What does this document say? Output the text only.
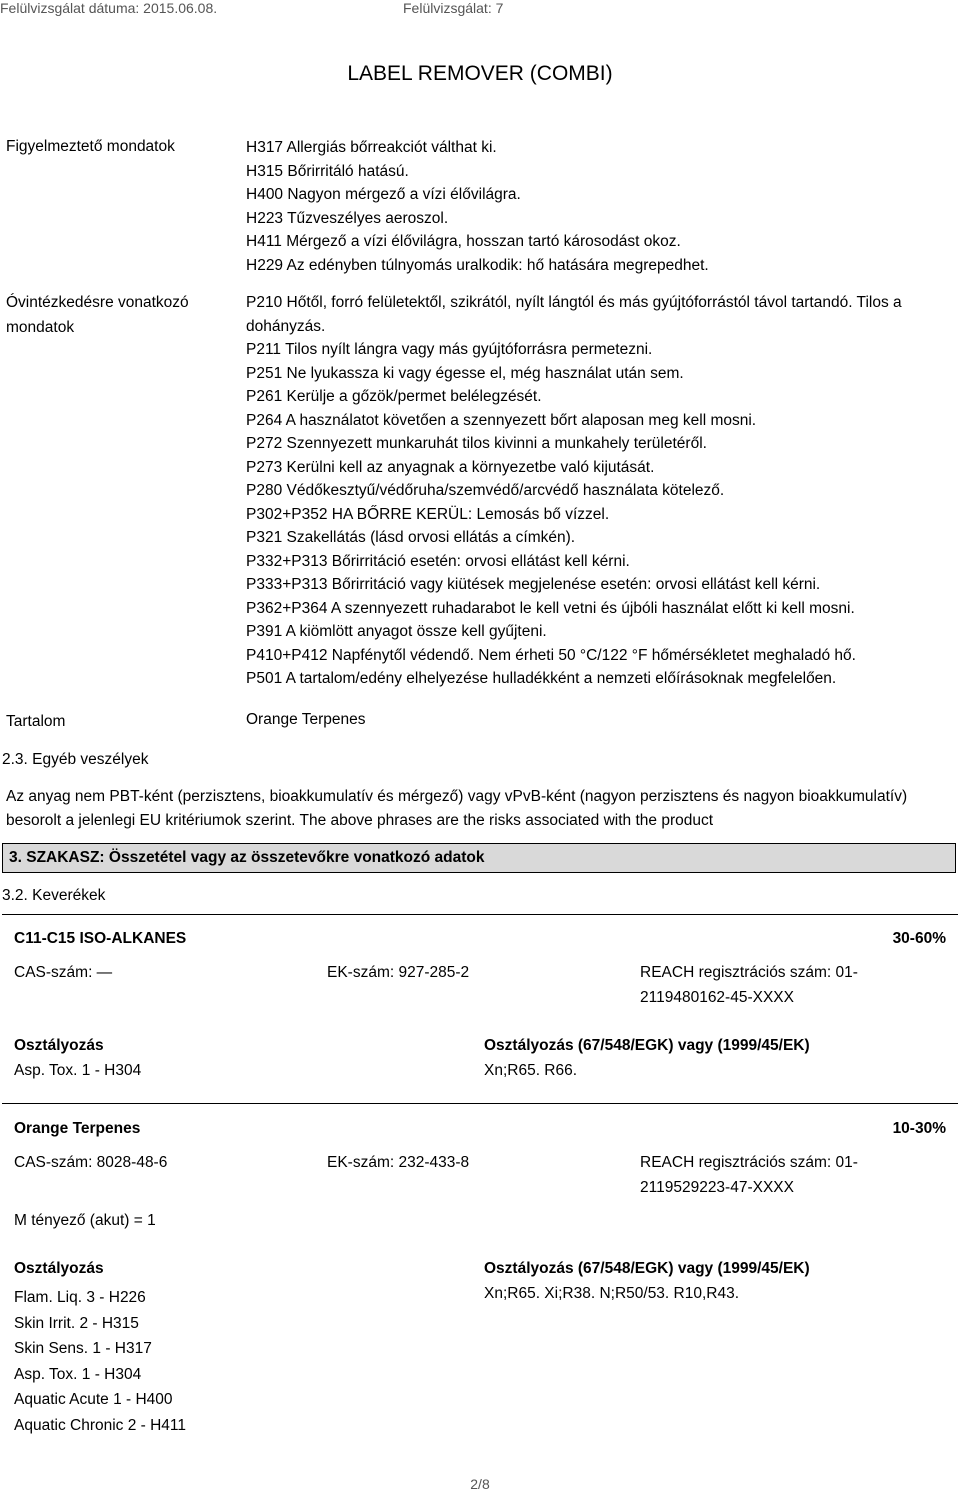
Felülvizsgálat dátuma: 2015.06.08.	Felülvizsgálat: 7
LABEL REMOVER (COMBI)
Figyelmeztető mondatok	H317 Allergiás bőrreakciót válthat ki.
H315 Bőrirritáló hatású.
H400 Nagyon mérgező a vízi élővilágra.
H223 Tűzveszélyes aeroszol.
H411 Mérgező a vízi élővilágra, hosszan tartó károsodást okoz.
H229 Az edényben túlnyomás uralkodik: hő hatására megrepedhet.
Óvintézkedésre vonatkozó mondatok
P210 Hőtől, forró felületektől, szikrától, nyílt lángtól és más gyújtóforrástól távol tartandó. Tilos a dohányzás.
P211 Tilos nyílt lángra vagy más gyújtóforrásra permetezni.
P251 Ne lyukassza ki vagy égesse el, még használat után sem.
P261 Kerülje a gőzök/permet belélegzését.
P264 A használatot követően a szennyezett bőrt alaposan meg kell mosni.
P272 Szennyezett munkaruhát tilos kivinni a munkahely területéről.
P273 Kerülni kell az anyagnak a környezetbe való kijutását.
P280 Védőkesztyű/védőruha/szemvédő/arcvédő használata kötelező.
P302+P352 HA BŐRRE KERÜL: Lemosás bő vízzel.
P321 Szakellátás (lásd orvosi ellátás a címkén).
P332+P313 Bőrirritáció esetén: orvosi ellátást kell kérni.
P333+P313 Bőrirritáció vagy kiütések megjelenése esetén: orvosi ellátást kell kérni.
P362+P364 A szennyezett ruhadarabot le kell vetni és újbóli használat előtt ki kell mosni.
P391 A kiömlött anyagot össze kell gyűjteni.
P410+P412 Napfénytől védendő. Nem érheti 50 °C/122 °F hőmérsékletet meghaladó hő.
P501 A tartalom/edény elhelyezése hulladékként a nemzeti előírásoknak megfelelően.
Tartalom	Orange Terpenes
2.3. Egyéb veszélyek
Az anyag nem PBT-ként (perzisztens, bioakkumulatív és mérgező) vagy vPvB-ként (nagyon perzisztens és nagyon bioakkumulatív) besorolt a jelenlegi EU kritériumok szerint. The above phrases are the risks associated with the product
3. SZAKASZ: Összetétel vagy az összetevőkre vonatkozó adatok
3.2. Keverékek
C11-C15 ISO-ALKANES	30-60%
CAS-szám: —	EK-szám: 927-285-2	REACH regisztrációs szám: 01-
2119480162-45-XXXX
Osztályozás
Asp. Tox. 1 - H304
Osztályozás (67/548/EGK) vagy (1999/45/EK)
Xn;R65. R66.
Orange Terpenes	10-30%
CAS-szám: 8028-48-6	EK-szám: 232-433-8	REACH regisztrációs szám: 01-
2119529223-47-XXXX
M tényező (akut) = 1
Osztályozás
Flam. Liq. 3 - H226
Skin Irrit. 2 - H315
Skin Sens. 1 - H317
Asp. Tox. 1 - H304
Aquatic Acute 1 - H400
Aquatic Chronic 2 - H411
Osztályozás (67/548/EGK) vagy (1999/45/EK)
Xn;R65. Xi;R38. N;R50/53. R10,R43.
2/8
